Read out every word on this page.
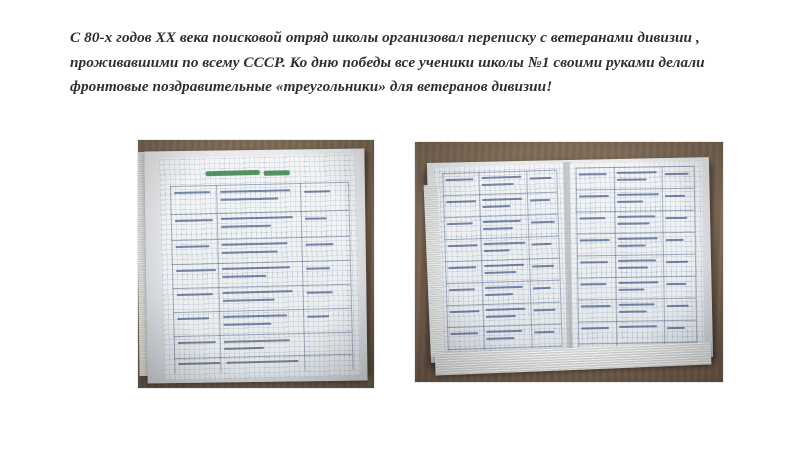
С 80-х годов XX века поисковой отряд школы организовал переписку с ветеранами дивизии , проживавшими по всему СССР. Ко дню победы все ученики школы №1 своими руками делали фронтовые поздравительные «треугольники» для ветеранов дивизии!
